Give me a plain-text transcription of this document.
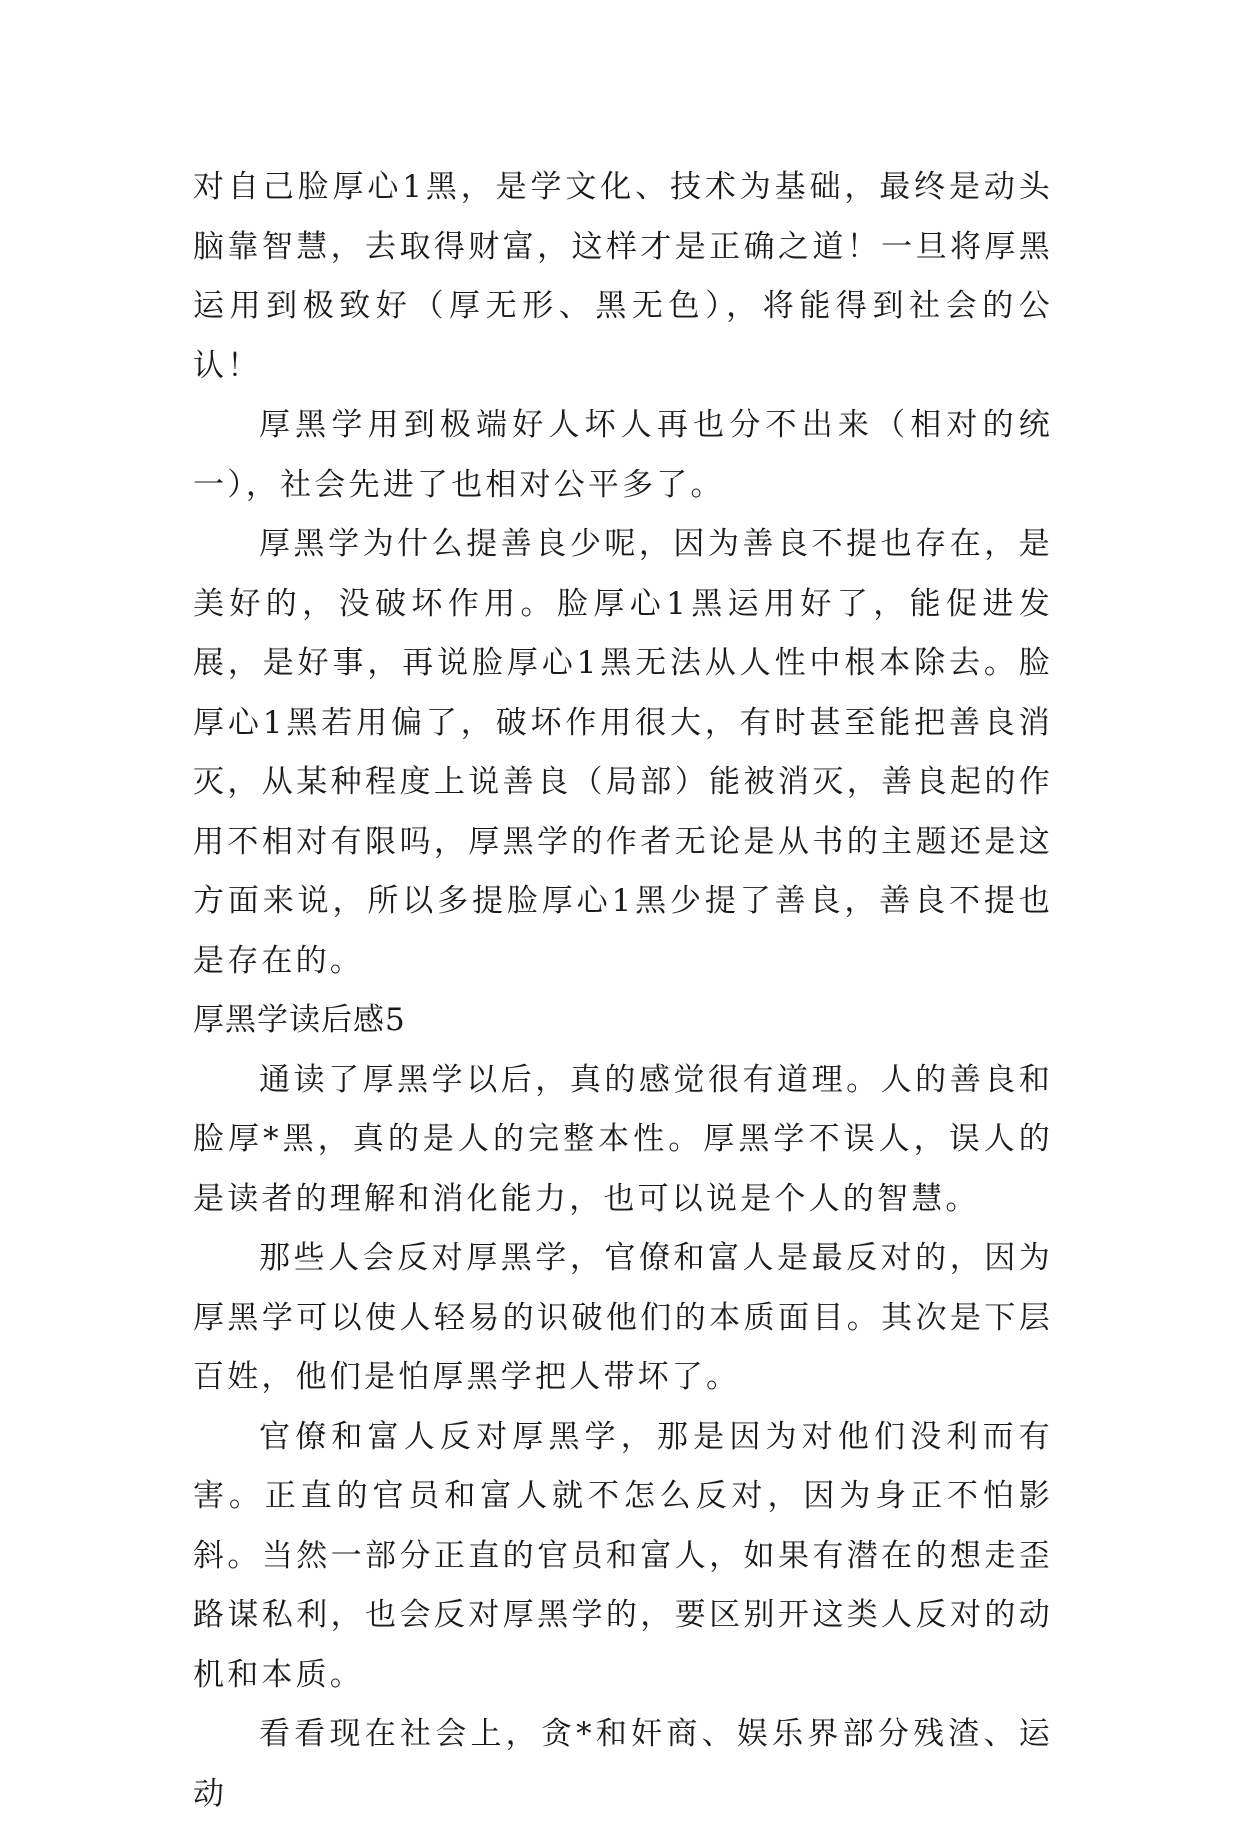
对自己脸厚心1黑，是学文化、技术为基础，最终是动头脑靠智慧，去取得财富，这样才是正确之道！一旦将厚黑运用到极致好（厚无形、黑无色），将能得到社会的公认！

厚黑学用到极端好人坏人再也分不出来（相对的统一），社会先进了也相对公平多了。

厚黑学为什么提善良少呢，因为善良不提也存在，是美好的，没破坏作用。脸厚心1黑运用好了，能促进发展，是好事，再说脸厚心1黑无法从人性中根本除去。脸厚心1黑若用偏了，破坏作用很大，有时甚至能把善良消灭，从某种程度上说善良（局部）能被消灭，善良起的作用不相对有限吗，厚黑学的作者无论是从书的主题还是这方面来说，所以多提脸厚心1黑少提了善良，善良不提也是存在的。

厚黑学读后感5

通读了厚黑学以后，真的感觉很有道理。人的善良和脸厚*黑，真的是人的完整本性。厚黑学不误人，误人的是读者的理解和消化能力，也可以说是个人的智慧。

那些人会反对厚黑学，官僚和富人是最反对的，因为厚黑学可以使人轻易的识破他们的本质面目。其次是下层百姓，他们是怕厚黑学把人带坏了。

官僚和富人反对厚黑学，那是因为对他们没利而有害。正直的官员和富人就不怎么反对，因为身正不怕影斜。当然一部分正直的官员和富人，如果有潜在的想走歪路谋私利，也会反对厚黑学的，要区别开这类人反对的动机和本质。

看看现在社会上，贪*和奸商、娱乐界部分残渣、运动
